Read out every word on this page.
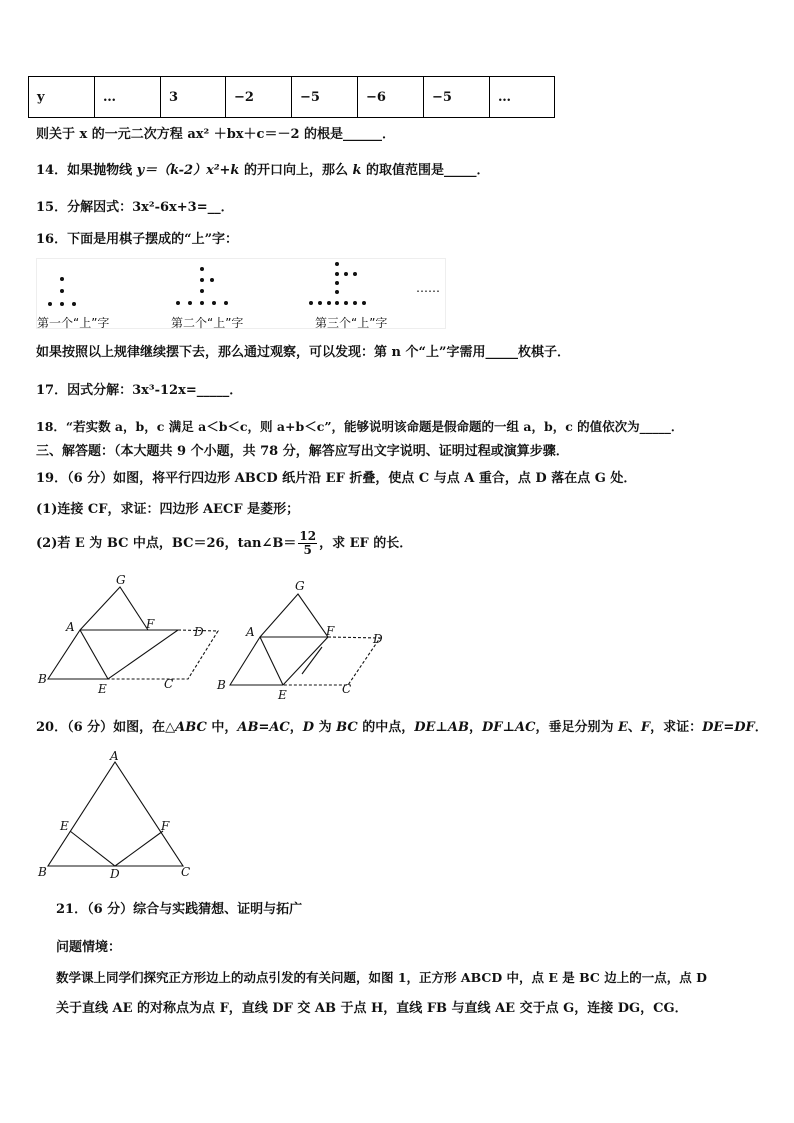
y	…	3	−2	−5	−6	−5	…
则关于 x 的一元二次方程 ax² ＋bx＋c＝－2 的根是______．
14．如果抛物线 y＝（k-2）x²+k 的开口向上，那么 k 的取值范围是_____．
15．分解因式：3x²-6x+3=__．
16．下面是用棋子摆成的“上”字：
第一个“上”字	第二个“上”字	第三个“上”字
……
如果按照以上规律继续摆下去，那么通过观察，可以发现：第 n 个“上”字需用_____枚棋子．
17．因式分解：3x³-12x=_____．
18．“若实数 a，b，c 满足 a＜b＜c，则 a+b＜c”，能够说明该命题是假命题的一组 a，b，c 的值依次为_____．
三、解答题：（本大题共 9 个小题，共 78 分，解答应写出文字说明、证明过程或演算步骤．
19．（6 分）如图，将平行四边形 ABCD 纸片沿 EF 折叠，使点 C 与点 A 重合，点 D 落在点 G 处．
(1)连接 CF，求证：四边形 AECF 是菱形；
(2)若 E 为 BC 中点，BC＝26，tan∠B＝ $\frac{12}{5}$ ，求 EF 的长．
G
A	F
D
B
E	C
G
A	F
D
B
E	C
20．（6 分）如图，在△ABC 中，AB=AC，D 为 BC 的中点，DE⊥AB，DF⊥AC，垂足分别为 E、F，求证：DE=DF．
A
E	F
B	D	C
21．（6 分）综合与实践猜想、证明与拓广
问题情境：
数学课上同学们探究正方形边上的动点引发的有关问题，如图 1，正方形 ABCD 中，点 E 是 BC 边上的一点，点 D
关于直线 AE 的对称点为点 F，直线 DF 交 AB 于点 H，直线 FB 与直线 AE 交于点 G，连接 DG，CG．
